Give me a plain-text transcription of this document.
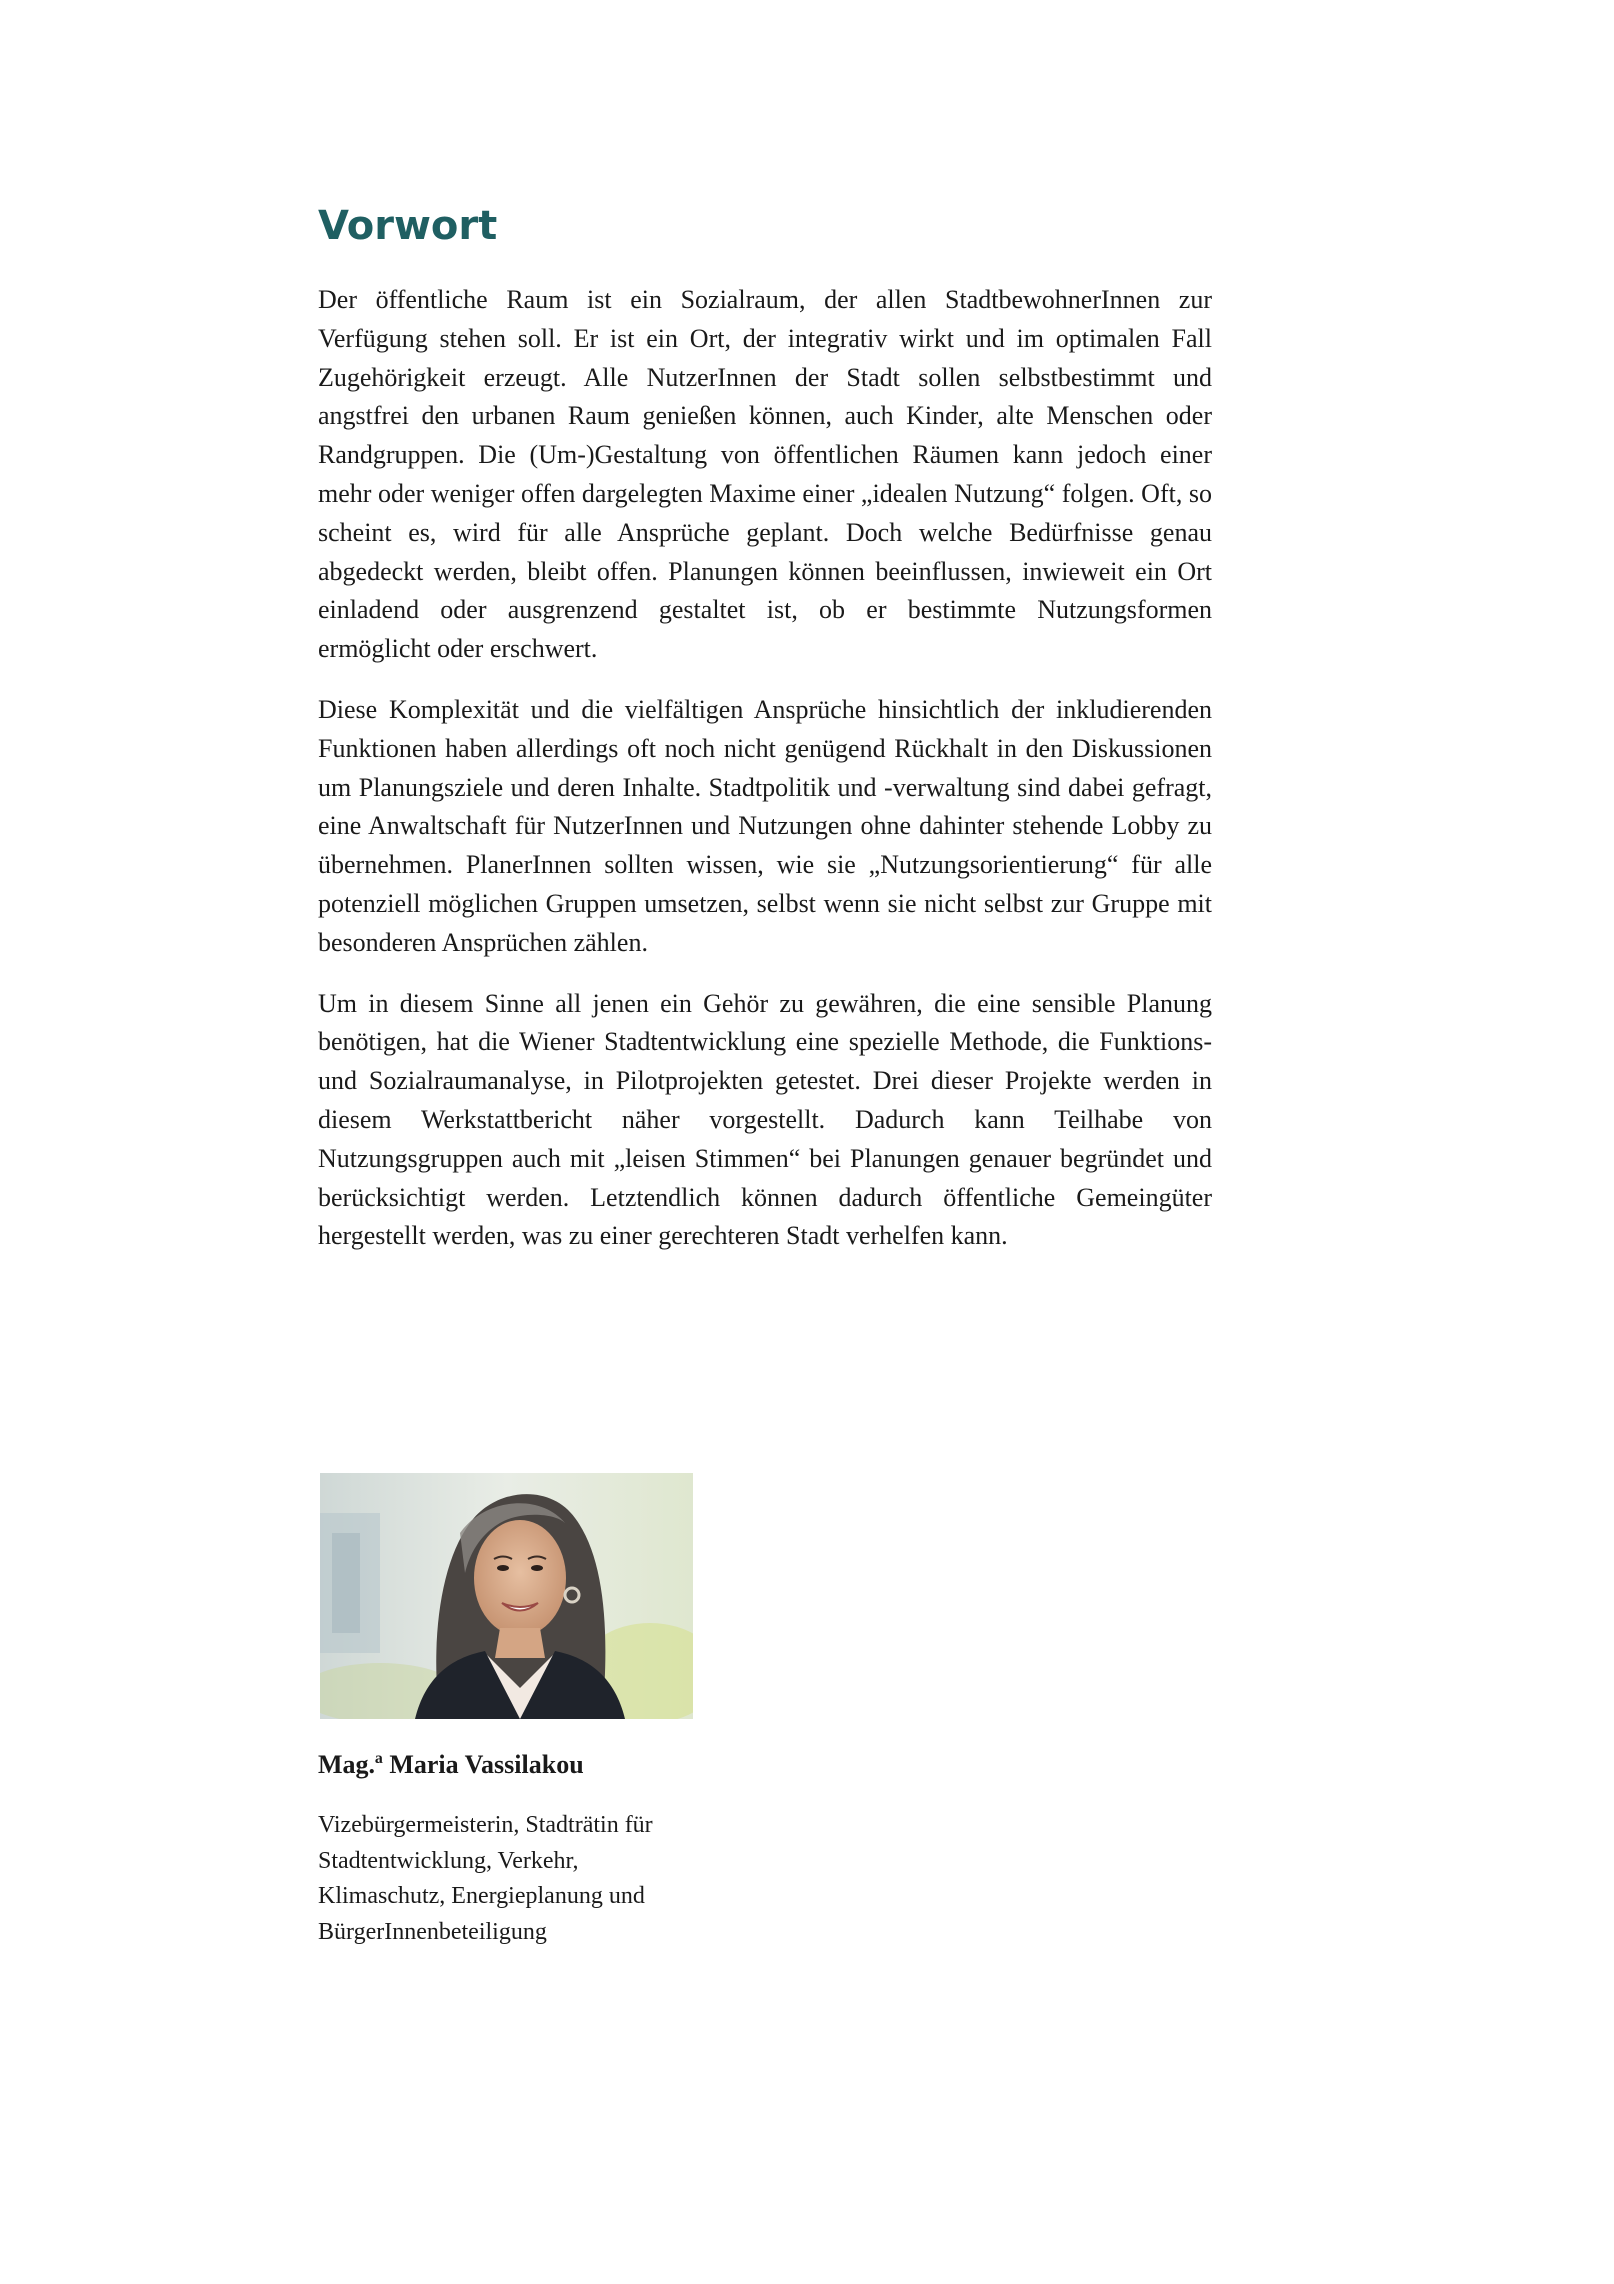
Vorwort

Der öffentliche Raum ist ein Sozialraum, der allen StadtbewohnerInnen zur Verfügung stehen soll. Er ist ein Ort, der integrativ wirkt und im optimalen Fall Zugehörigkeit erzeugt. Alle NutzerInnen der Stadt sollen selbstbestimmt und angstfrei den urbanen Raum genießen können, auch Kinder, alte Menschen oder Randgruppen. Die (Um-)Gestaltung von öffentlichen Räumen kann jedoch einer mehr oder weniger offen dargelegten Maxime einer „idealen Nutzung“ folgen. Oft, so scheint es, wird für alle Ansprüche geplant. Doch welche Bedürfnisse genau abgedeckt werden, bleibt offen. Planungen können beeinflussen, inwieweit ein Ort einladend oder ausgrenzend gestaltet ist, ob er bestimmte Nutzungsformen ermöglicht oder erschwert.

Diese Komplexität und die vielfältigen Ansprüche hinsichtlich der inkludierenden Funktionen haben allerdings oft noch nicht genügend Rückhalt in den Diskussionen um Planungsziele und deren Inhalte. Stadtpolitik und -verwaltung sind dabei gefragt, eine Anwaltschaft für NutzerInnen und Nutzungen ohne dahinter stehende Lobby zu übernehmen. PlanerInnen sollten wissen, wie sie „Nutzungsorientierung“ für alle potenziell möglichen Gruppen umsetzen, selbst wenn sie nicht selbst zur Gruppe mit besonderen Ansprüchen zählen.

Um in diesem Sinne all jenen ein Gehör zu gewähren, die eine sensible Planung benötigen, hat die Wiener Stadtentwicklung eine spezielle Methode, die Funktions- und Sozialraumanalyse, in Pilotprojekten getestet. Drei dieser Projekte werden in diesem Werkstattbericht näher vorgestellt. Dadurch kann Teilhabe von Nutzungsgruppen auch mit „leisen Stimmen“ bei Planungen genauer begründet und berücksichtigt werden. Letztendlich können dadurch öffentliche Gemeingüter hergestellt werden, was zu einer gerechteren Stadt verhelfen kann.

Mag.ª Maria Vassilakou
Vizebürgermeisterin, Stadträtin für
Stadtentwicklung, Verkehr,
Klimaschutz, Energieplanung und
BürgerInnenbeteiligung
